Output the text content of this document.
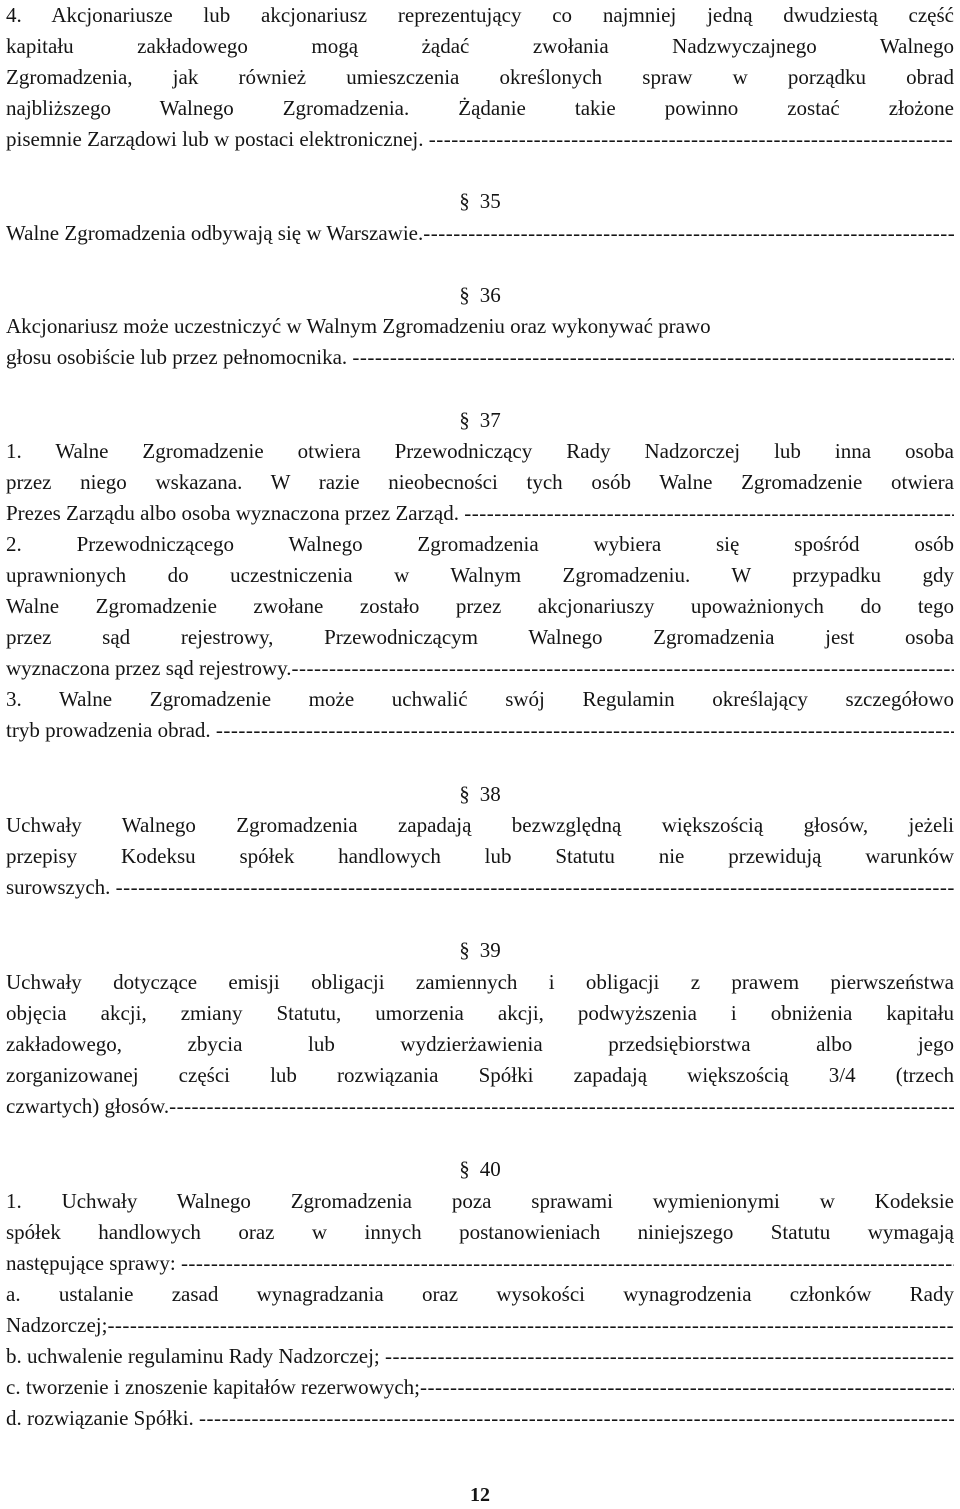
4. Akcjonariusze lub akcjonariusz reprezentujący co najmniej jedną dwudziestą część
kapitału zakładowego mogą żądać zwołania Nadzwyczajnego Walnego
Zgromadzenia, jak również umieszczenia określonych spraw w porządku obrad
najbliższego Walnego Zgromadzenia. Żądanie takie powinno zostać złożone
pisemnie Zarządowi lub w postaci elektronicznej. -----
§ 35
Walne Zgromadzenia odbywają się w Warszawie. -----
§ 36
Akcjonariusz może uczestniczyć w Walnym Zgromadzeniu oraz wykonywać prawo
głosu osobiście lub przez pełnomocnika. -----
§ 37
1. Walne Zgromadzenie otwiera Przewodniczący Rady Nadzorczej lub inna osoba
przez niego wskazana. W razie nieobecności tych osób Walne Zgromadzenie otwiera
Prezes Zarządu albo osoba wyznaczona przez Zarząd. -----
2. Przewodniczącego Walnego Zgromadzenia wybiera się spośród osób
uprawnionych do uczestniczenia w Walnym Zgromadzeniu. W przypadku gdy
Walne Zgromadzenie zwołane zostało przez akcjonariuszy upoważnionych do tego
przez sąd rejestrowy, Przewodniczącym Walnego Zgromadzenia jest osoba
wyznaczona przez sąd rejestrowy. -----
3. Walne Zgromadzenie może uchwalić swój Regulamin określający szczegółowo
tryb prowadzenia obrad. -----
§ 38
Uchwały Walnego Zgromadzenia zapadają bezwzględną większością głosów, jeżeli
przepisy Kodeksu spółek handlowych lub Statutu nie przewidują warunków
surowszych. -----
§ 39
Uchwały dotyczące emisji obligacji zamiennych i obligacji z prawem pierwszeństwa
objęcia akcji, zmiany Statutu, umorzenia akcji, podwyższenia i obniżenia kapitału
zakładowego, zbycia lub wydzierżawienia przedsiębiorstwa albo jego
zorganizowanej części lub rozwiązania Spółki zapadają większością 3/4 (trzech
czwartych) głosów. -----
§ 40
1. Uchwały Walnego Zgromadzenia poza sprawami wymienionymi w Kodeksie
spółek handlowych oraz w innych postanowieniach niniejszego Statutu wymagają
następujące sprawy: -----
a. ustalanie zasad wynagradzania oraz wysokości wynagrodzenia członków Rady
Nadzorczej; -----
b. uchwalenie regulaminu Rady Nadzorczej; -----
c. tworzenie i znoszenie kapitałów rezerwowych; -----
d. rozwiązanie Spółki. -----
12
